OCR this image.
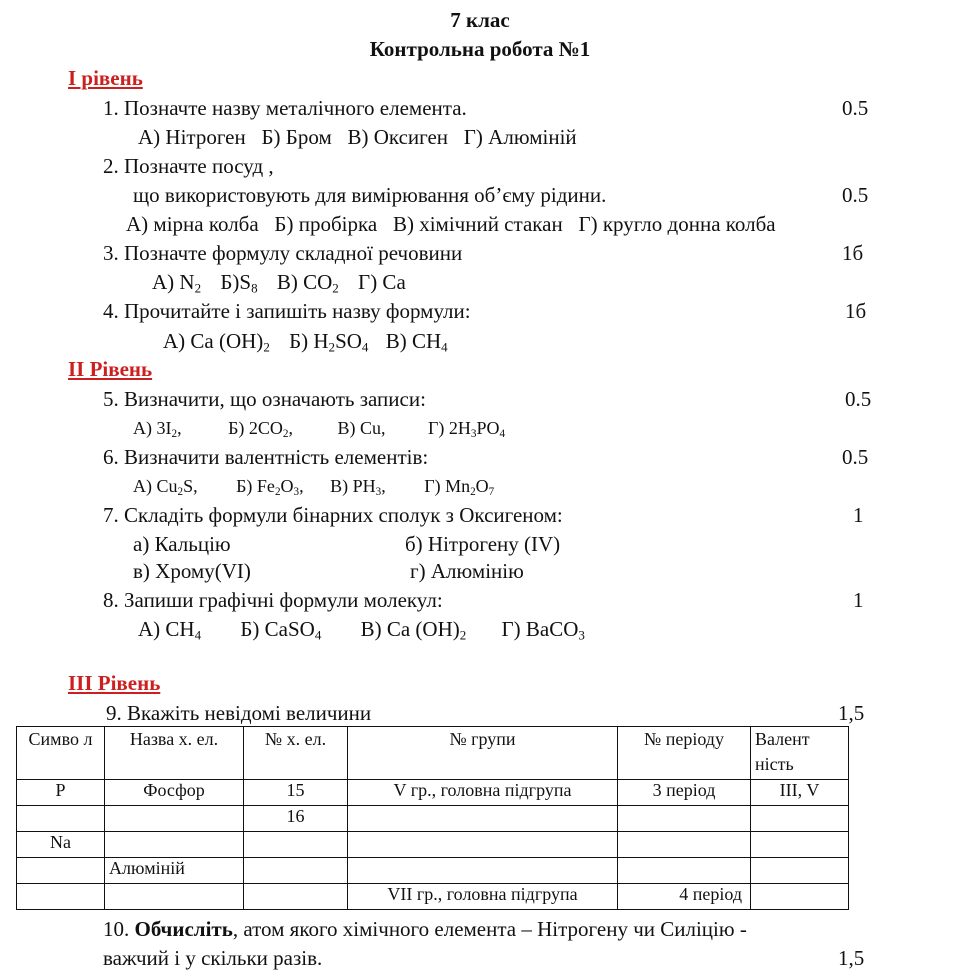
7 клас
Контрольна робота №1
І рівень
1. Позначте назву металічного елемента.	0.5
А) Нітроген   Б) Бром   В) Оксиген   Г) Алюміній
2. Позначте посуд ,
що використовують для вимірювання об’єму рідини.	0.5
А) мірна колба   Б) пробірка   В) хімічний стакан   Г) кругло донна колба
3. Позначте формулу складної речовини	1б
А) $N_2$ $Б)S_8$ В) $CO_2$ Г) Ca
4. Прочитайте і запишіть назву формули:	1б
А) Ca $(OH)_2$ Б) $H_2SO_4$ В) $CH_4$
ІІ Рівень
5. Визначити, що означають записи:	0.5
А) $3I_2$,	Б) $2CO_2$, В) Cu, Г) $2H_3PO_4$
6. Визначити валентність елементів:	0.5
А) $Cu_2S$, Б) $Fe_2O_3$, В) $PH_3$, Г) $Mn_2O_7$
7. Складіть формули бінарних сполук з Оксигеном:	1
а) Кальцію	б) Нітрогену (IV)
в) Хрому(VI)	г) Алюмінію
8. Запиши графічні формули молекул:	1
А) $CH_4$ Б) CaSO$_4$ В) Ca $(OH)_2$ Г) BaCO$_3$
ІІІ Рівень
9. Вкажіть невідомі величини	1,5
Симво л	Назва х. ел.	№ х. ел.	№ групи	№ періоду	Валент ність
P	Фосфор	15	V гр., головна підгрупа	3 період	III, V
		16			
Na					
	Алюміній				
			VІI гр., головна підгрупа	4 період	
10. Обчисліть, атом якого хімічного елемента – Нітрогену чи Силіцію -
важчий і у скільки разів.	1,5
